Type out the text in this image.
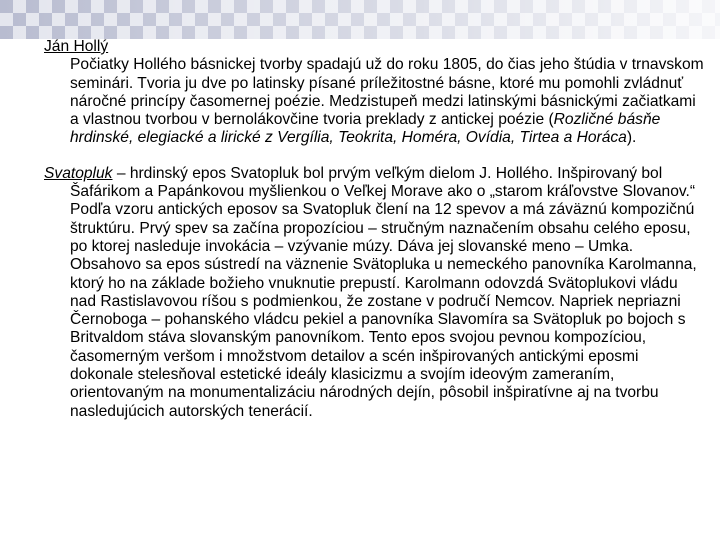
Ján Hollý
Počiatky Hollého básnickej tvorby spadajú už do roku 1805, do čias jeho štúdia v trnavskom seminári. Tvoria ju dve po latinsky písané príležitostné básne, ktoré mu pomohli zvládnuť náročné princípy časomernej poézie. Medzistupeň medzi latinskými básnickými začiatkami a vlastnou tvorbou v bernolákovčine tvoria preklady z antickej poézie (Rozličné básňe hrdinské, elegiacké a lirické z Vergília, Teokrita, Homéra, Ovídia, Tirtea a Horáca).
Svatopluk – hrdinský epos Svatopluk bol prvým veľkým dielom J. Hollého. Inšpirovaný bol Šafárikom a Papánkovou myšlienkou o Veľkej Morave ako o „starom kráľovstve Slovanov.“ Podľa vzoru antických eposov sa Svatopluk člení na 12 spevov a má záväznú kompozičnú štruktúru. Prvý spev sa začína propozíciou – stručným naznačením obsahu celého eposu, po ktorej nasleduje invokácia – vzývanie múzy. Dáva jej slovanské meno – Umka. Obsahovo sa epos sústredí na väznenie Svätopluka u nemeckého panovníka Karolmanna, ktorý ho na základe božieho vnuknutie prepustí. Karolmann odovzdá Svätoplukovi vládu nad Rastislavovou ríšou s podmienkou, že zostane v područí Nemcov. Napriek nepriazni Černoboga – pohanského vládcu pekiel a panovníka Slavomíra sa Svätopluk po bojoch s Britvaldom stáva slovanským panovníkom. Tento epos svojou pevnou kompozíciou, časomerným veršom i množstvom detailov a scén inšpirovaných antickými eposmi dokonale stelesňoval estetické ideály klasicizmu a svojím ideovým zameraním, orientovaným na monumentalizáciu národných dejín, pôsobil inšpiratívne aj na tvorbu nasledujúcich autorských tenerácií.
